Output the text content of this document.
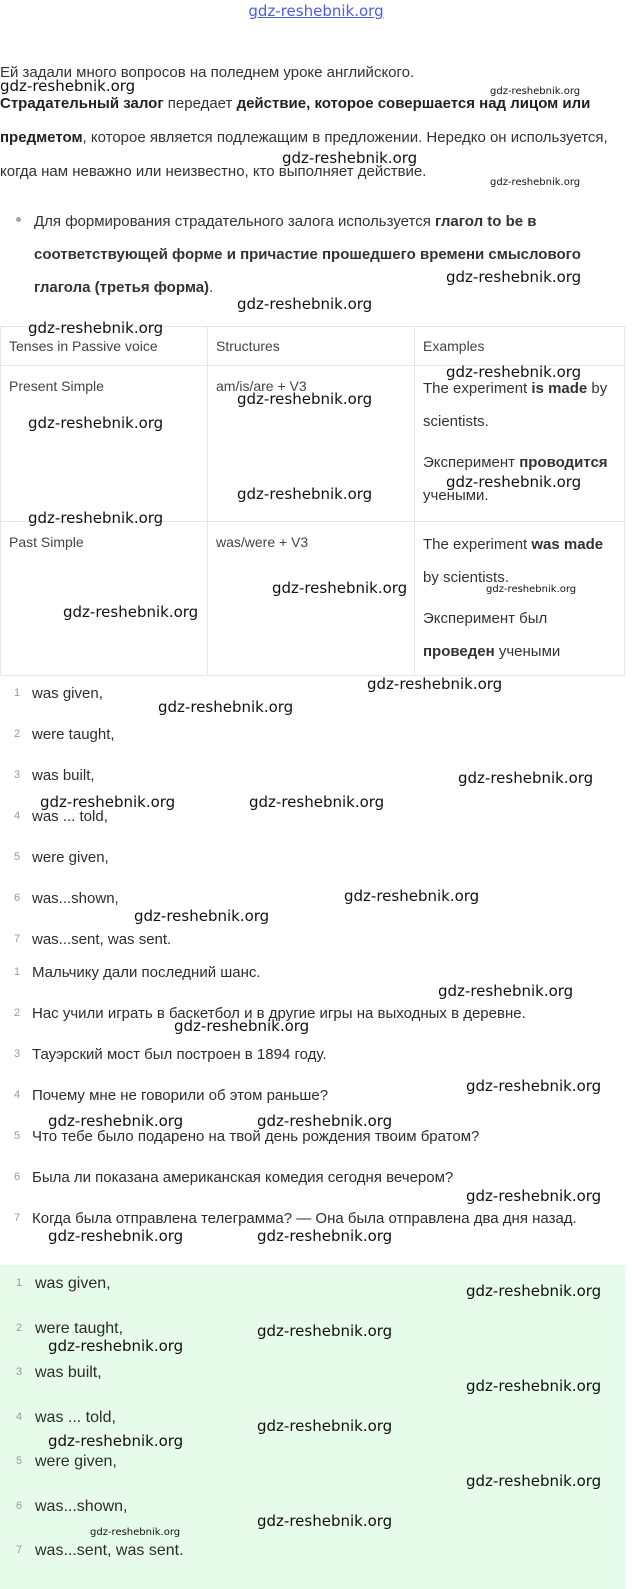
gdz-reshebnik.org
Ей задали много вопросов на поледнем уроке английского.
Страдательный залог передает действие, которое совершается над лицом или предметом, которое является подлежащим в предложении. Нередко он используется, когда нам неважно или неизвестно, кто выполняет действие.
Для формирования страдательного залога используется глагол to be в соответствующей форме и причастие прошедшего времени смыслового глагола (третья форма).
Tenses in Passive voice	Structures	Examples
Present Simple	am/is/are + V3	The experiment is made by scientists.
Эксперимент проводится учеными.

Past Simple	was/were + V3	The experiment was made by scientists.
Эксперимент был проведен учеными
1 was given,
2 were taught,
3 was built,
4 was ... told,
5 were given,
6 was...shown,
7 was...sent, was sent.
1 Мальчику дали последний шанс.
2 Нас учили играть в баскетбол и в другие игры на выходных в деревне.
3 Тауэрский мост был построен в 1894 году.
4 Почему мне не говорили об этом раньше?
5 Что тебе было подарено на твой день рождения твоим братом?
6 Была ли показана американская комедия сегодня вечером?
7 Когда была отправлена телеграмма? — Она была отправлена два дня назад.
1 was given,
2 were taught,
3 was built,
4 was ... told,
5 were given,
6 was...shown,
7 was...sent, was sent.
gdz-reshebnik.org	gdz-reshebnik.org
gdz-reshebnik.org
gdz-reshebnik.org
gdz-reshebnik.org
gdz-reshebnik.org
gdz-reshebnik.org
gdz-reshebnik.org
gdz-reshebnik.org
gdz-reshebnik.org
gdz-reshebnik.org
gdz-reshebnik.org
gdz-reshebnik.org
gdz-reshebnik.org	gdz-reshebnik.org
gdz-reshebnik.org
gdz-reshebnik.org
gdz-reshebnik.org
gdz-reshebnik.org
gdz-reshebnik.org	gdz-reshebnik.org
gdz-reshebnik.org
gdz-reshebnik.org
gdz-reshebnik.org
gdz-reshebnik.org
gdz-reshebnik.org
gdz-reshebnik.org	gdz-reshebnik.org
gdz-reshebnik.org
gdz-reshebnik.org	gdz-reshebnik.org
gdz-reshebnik.org
gdz-reshebnik.org
gdz-reshebnik.org
gdz-reshebnik.org
gdz-reshebnik.org
gdz-reshebnik.org
gdz-reshebnik.org
gdz-reshebnik.org
gdz-reshebnik.org
